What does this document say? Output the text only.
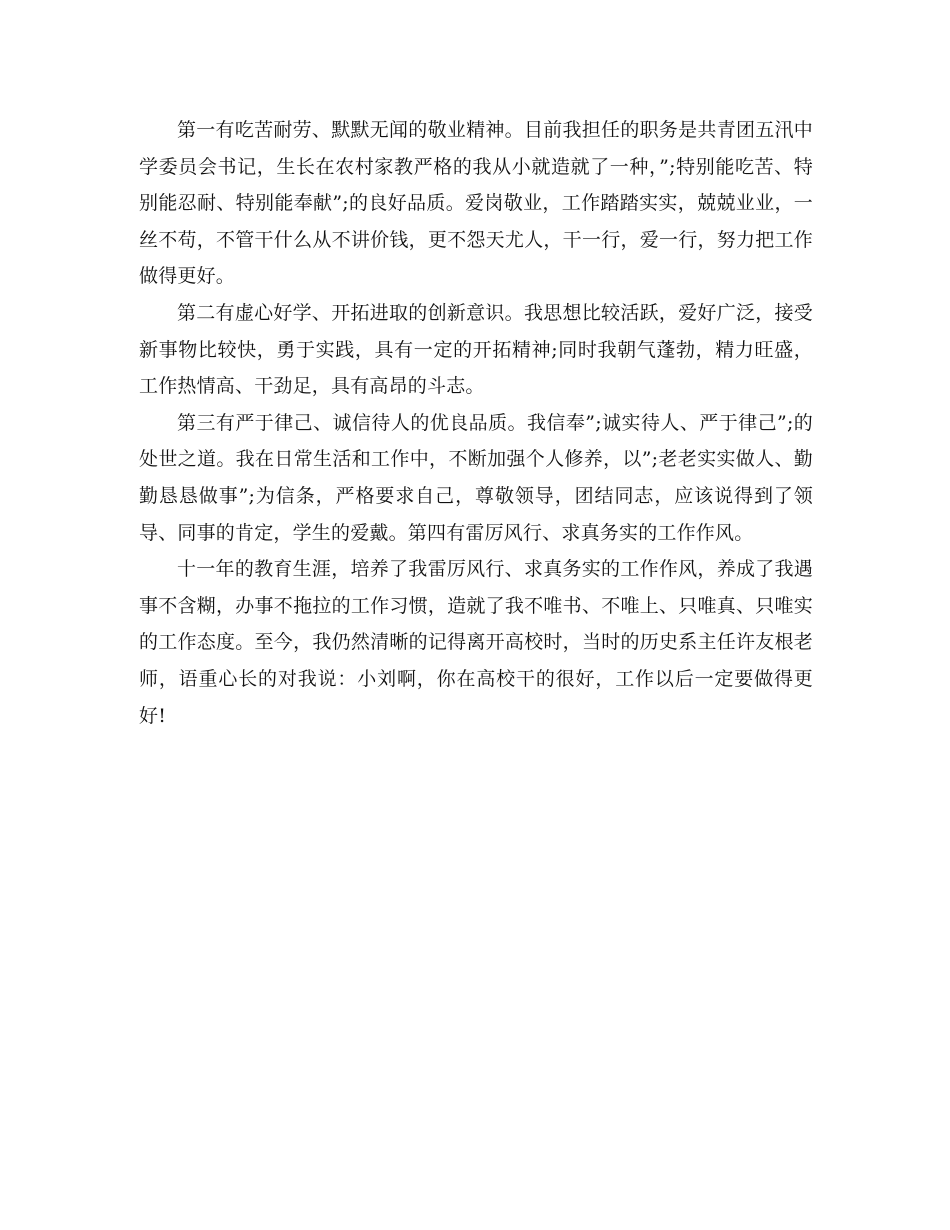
第一有吃苦耐劳、默默无闻的敬业精神。目前我担任的职务是共青团五汛中学委员会书记，生长在农村家教严格的我从小就造就了一种，”;特别能吃苦、特别能忍耐、特别能奉献”;的良好品质。爱岗敬业，工作踏踏实实，兢兢业业，一丝不苟，不管干什么从不讲价钱，更不怨天尤人，干一行，爱一行，努力把工作做得更好。

第二有虚心好学、开拓进取的创新意识。我思想比较活跃，爱好广泛，接受新事物比较快，勇于实践，具有一定的开拓精神;同时我朝气蓬勃，精力旺盛，工作热情高、干劲足，具有高昂的斗志。

第三有严于律己、诚信待人的优良品质。我信奉”;诚实待人、严于律己”;的处世之道。我在日常生活和工作中，不断加强个人修养，以”;老老实实做人、勤勤恳恳做事”;为信条，严格要求自己，尊敬领导，团结同志，应该说得到了领导、同事的肯定，学生的爱戴。第四有雷厉风行、求真务实的工作作风。

十一年的教育生涯，培养了我雷厉风行、求真务实的工作作风，养成了我遇事不含糊，办事不拖拉的工作习惯，造就了我不唯书、不唯上、只唯真、只唯实的工作态度。至今，我仍然清晰的记得离开高校时，当时的历史系主任许友根老师，语重心长的对我说：小刘啊，你在高校干的很好，工作以后一定要做得更好!
